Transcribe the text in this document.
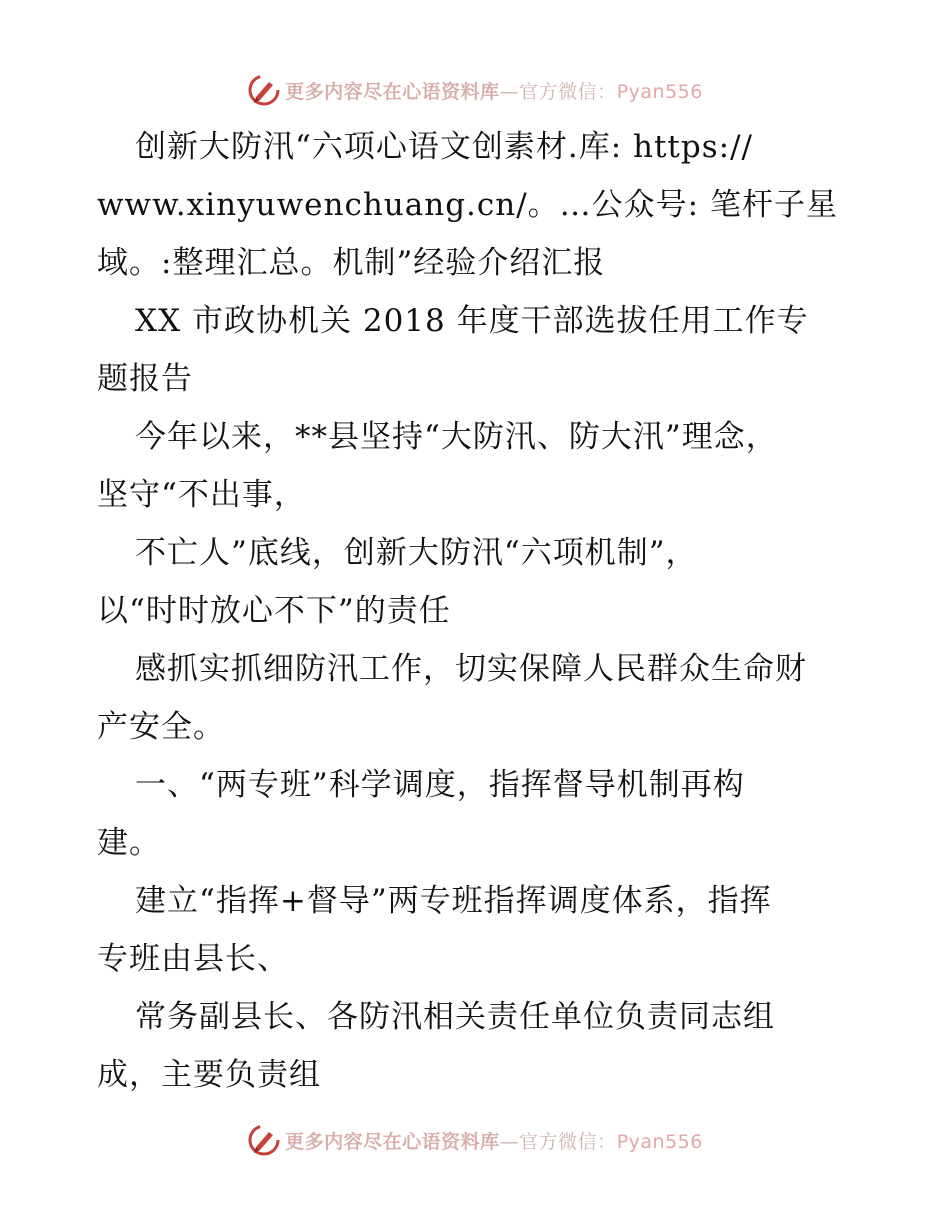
更多内容尽在心语资料库—官方微信：Pyan556
创新大防汛“六项心语文创素材.库: https://
www.xinyuwenchuang.cn/。…公众号: 笔杆子星
域。:整理汇总。机制”经验介绍汇报
XX 市政协机关 2018 年度干部选拔任用工作专
题报告
今年以来，**县坚持“大防汛、防大汛”理念，
坚守“不出事，
不亡人”底线，创新大防汛“六项机制”，
以“时时放心不下”的责任
感抓实抓细防汛工作，切实保障人民群众生命财
产安全。
一、“两专班”科学调度，指挥督导机制再构
建。
建立“指挥+督导”两专班指挥调度体系，指挥
专班由县长、
常务副县长、各防汛相关责任单位负责同志组
成，主要负责组
更多内容尽在心语资料库—官方微信：Pyan556
